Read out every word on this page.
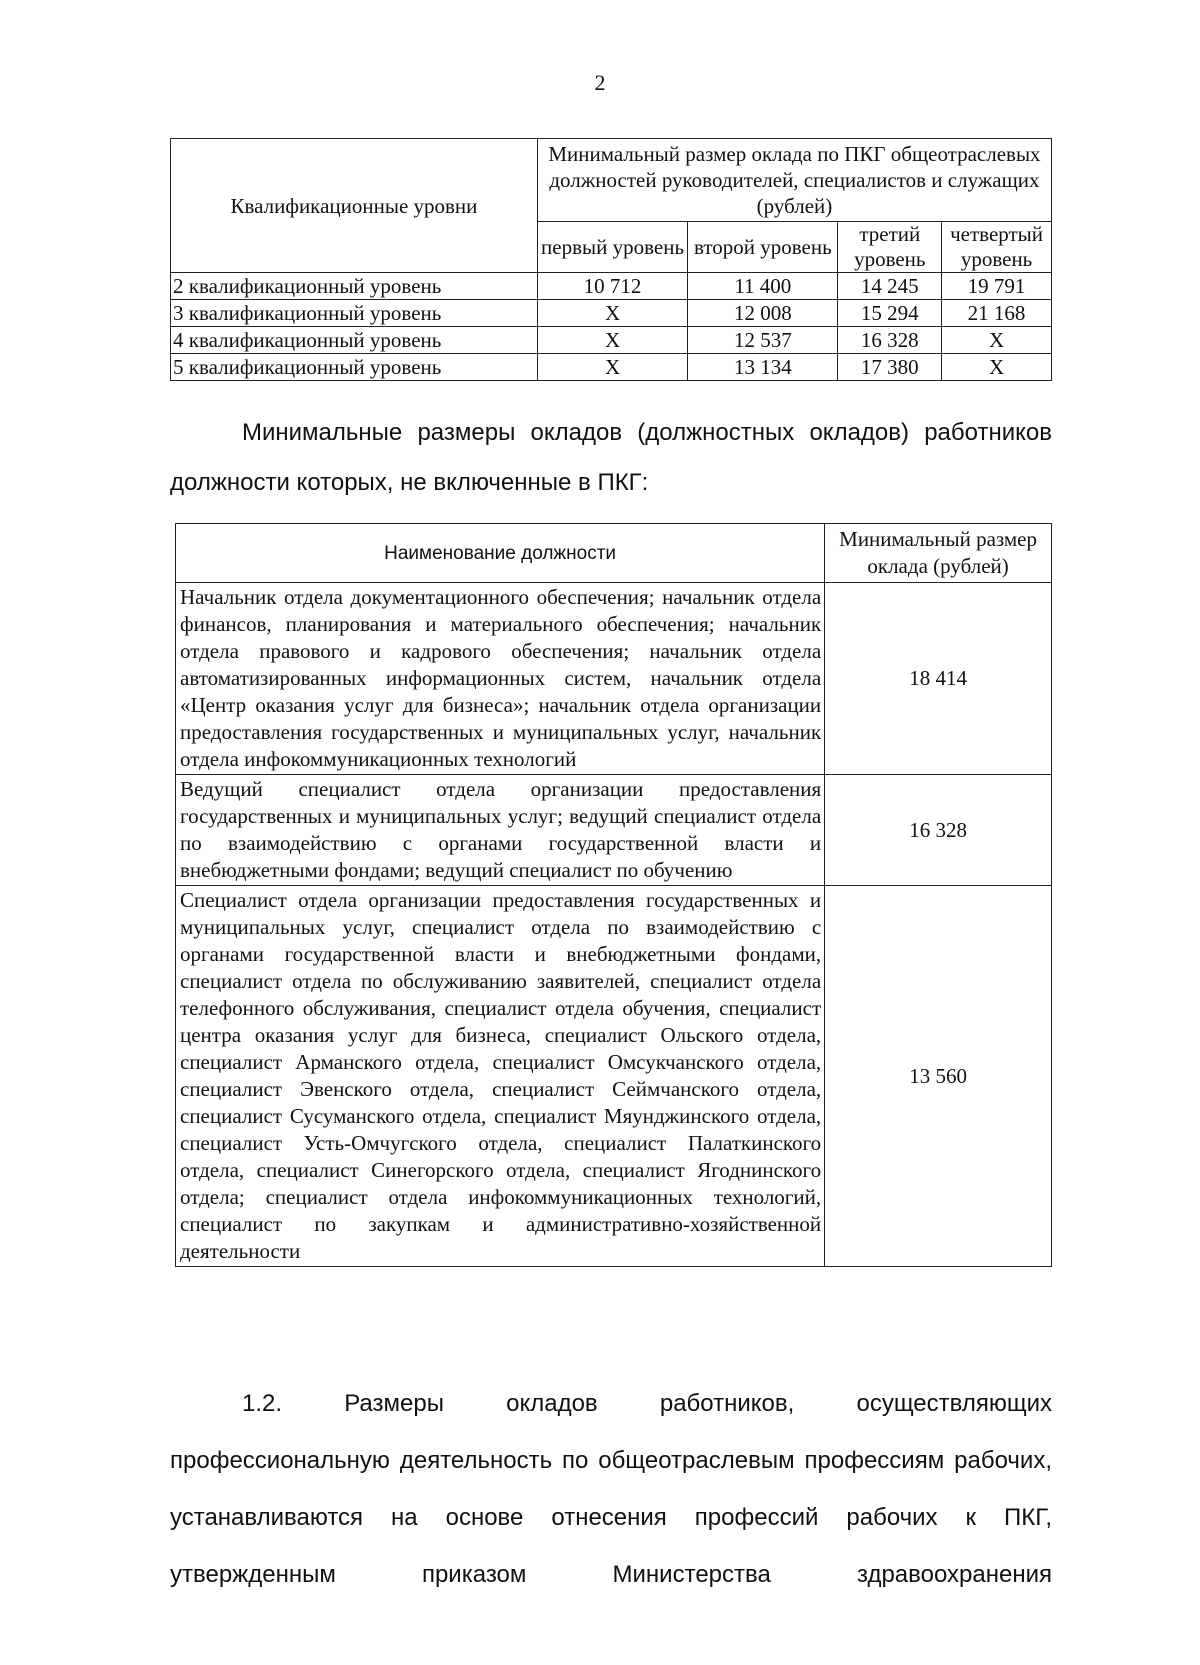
2
Квалификационные уровни	Минимальный размер оклада по ПКГ общеотраслевых должностей руководителей, специалистов и служащих (рублей)			
	первый уровень	второй уровень	третий уровень	четвертый уровень
2 квалификационный уровень	10 712	11 400	14 245	19 791
3 квалификационный уровень	X	12 008	15 294	21 168
4 квалификационный уровень	X	12 537	16 328	X
5 квалификационный уровень	X	13 134	17 380	X

Минимальные размеры окладов (должностных окладов) работников должности которых, не включенные в ПКГ:

Наименование должности	Минимальный размер оклада (рублей)
Начальник отдела документационного обеспечения; начальник отдела финансов, планирования и материального обеспечения; начальник отдела правового и кадрового обеспечения; начальник отдела автоматизированных информационных систем, начальник отдела «Центр оказания услуг для бизнеса»; начальник отдела организации предоставления государственных и муниципальных услуг, начальник отдела инфокоммуникационных технологий	18 414
Ведущий специалист отдела организации предоставления государственных и муниципальных услуг; ведущий специалист отдела по взаимодействию с органами государственной власти и внебюджетными фондами; ведущий специалист по обучению	16 328
Специалист отдела организации предоставления государственных и муниципальных услуг, специалист отдела по взаимодействию с органами государственной власти и внебюджетными фондами, специалист отдела по обслуживанию заявителей, специалист отдела телефонного обслуживания, специалист отдела обучения, специалист центра оказания услуг для бизнеса, специалист Ольского отдела, специалист Арманского отдела, специалист Омсукчанского отдела, специалист Эвенского отдела, специалист Сеймчанского отдела, специалист Сусуманского отдела, специалист Мяунджинского отдела, специалист Усть-Омчугского отдела, специалист Палаткинского отдела, специалист Синегорского отдела, специалист Ягоднинского отдела; специалист отдела инфокоммуникационных технологий, специалист по закупкам и административно-хозяйственной деятельности	13 560

1.2. Размеры окладов работников, осуществляющих профессиональную деятельность по общеотраслевым профессиям рабочих, устанавливаются на основе отнесения профессий рабочих к ПКГ, утвержденным приказом Министерства здравоохранения
